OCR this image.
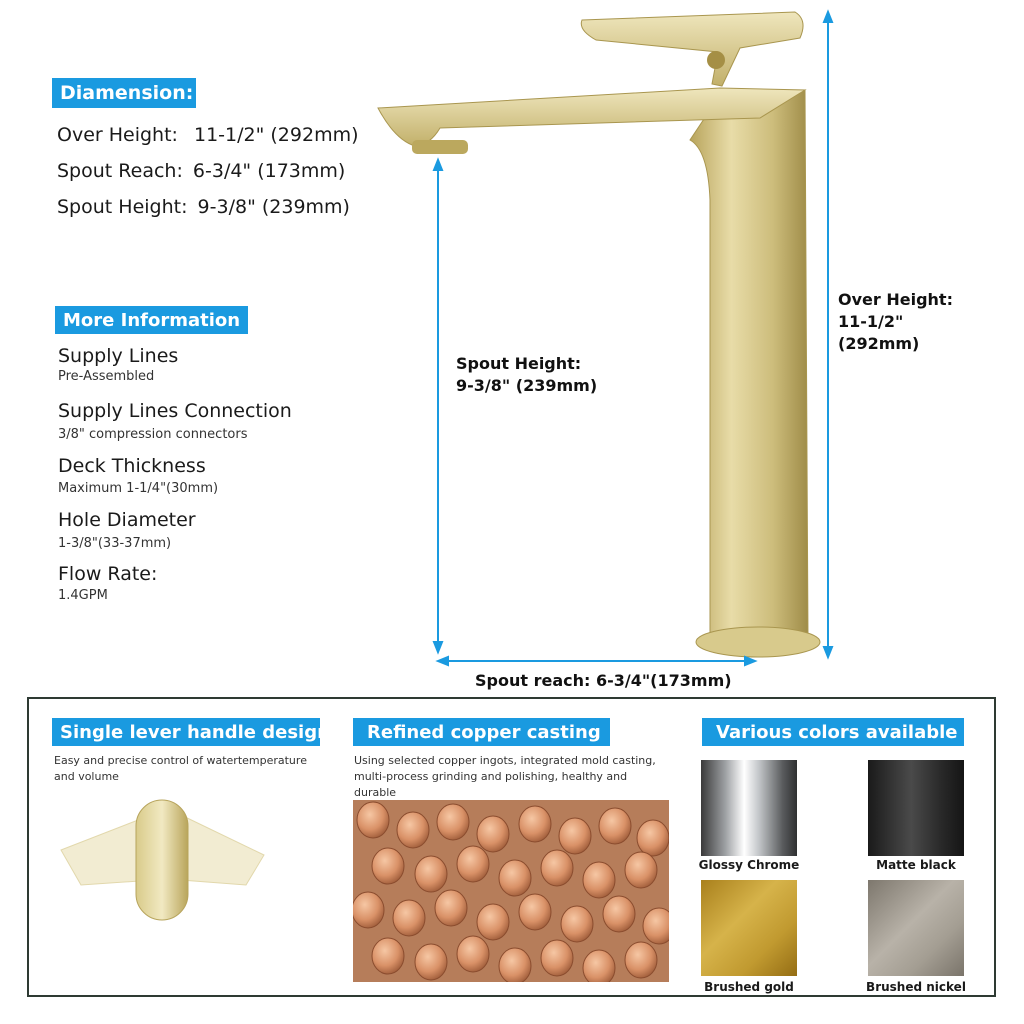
Diamension:
Over Height: 11-1/2" (292mm)
Spout Reach: 6-3/4" (173mm)
Spout Height: 9-3/8" (239mm)
More Information
Supply Lines
Pre-Assembled
Supply Lines Connection
3/8" compression connectors
Deck Thickness
Maximum 1-1/4"(30mm)
Hole Diameter
1-3/8"(33-37mm)
Flow Rate:
1.4GPM
Spout Height:
9-3/8" (239mm)
Over Height:
11-1/2"
(292mm)
Spout reach: 6-3/4"(173mm)
Single lever handle design
Easy and precise control of watertemperature and volume
Refined copper casting
Using selected copper ingots, integrated mold casting, multi-process grinding and polishing, healthy and durable
Various colors available
Glossy Chrome	Matte black
Brushed gold	Brushed nickel
